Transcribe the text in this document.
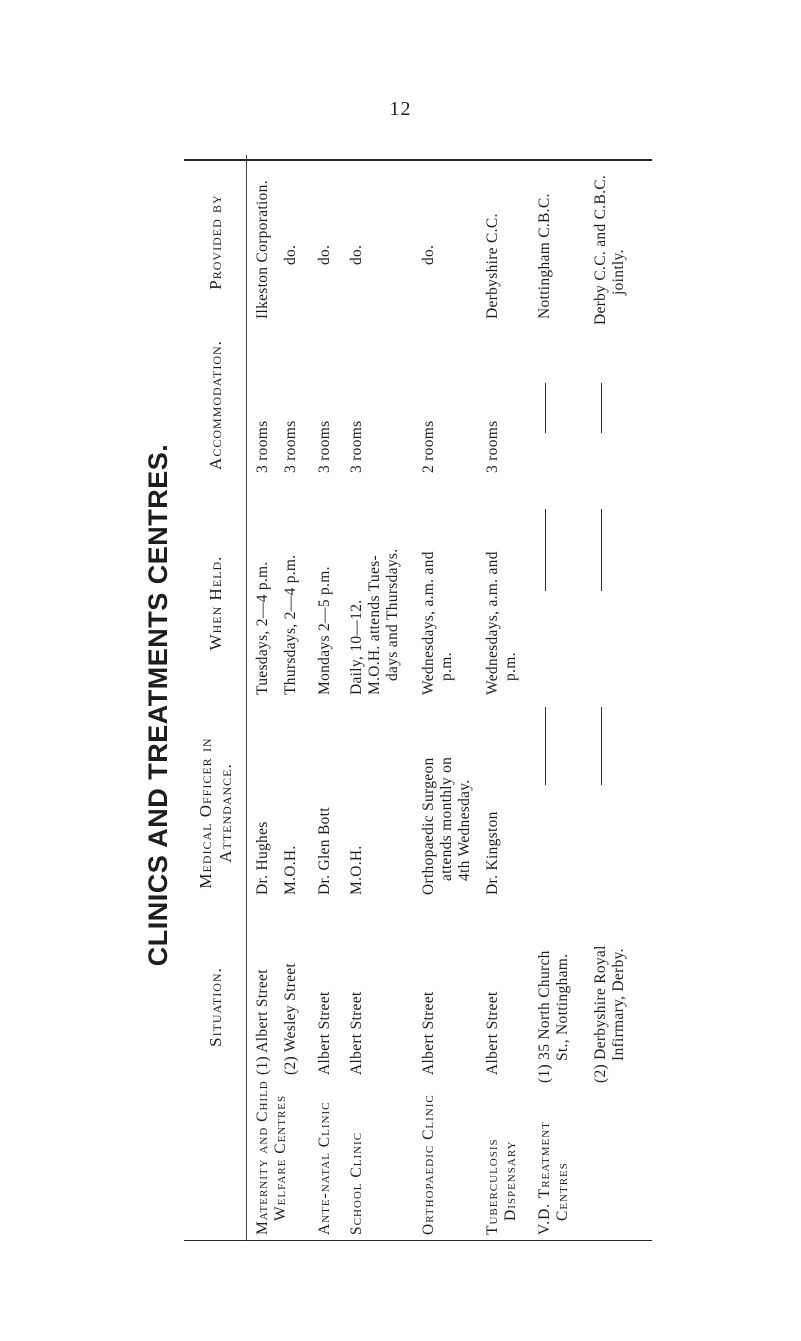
12
CLINICS AND TREATMENTS CENTRES.
Situation.
Medical Officer in Attendance.
When Held.
Accommodation.
Provided by
Maternity and Child Welfare Centres
(1) Albert Street
Dr. Hughes
Tuesdays, 2—4 p.m.
3 rooms
Ilkeston Corporation.
(2) Wesley Street
M.O.H.
Thursdays, 2—4 p.m.
3 rooms
do.
Ante-natal Clinic
Albert Street
Dr. Glen Bott
Mondays 2—5 p.m.
3 rooms
do.
School Clinic
Albert Street
M.O.H.
Daily, 10—12. M.O.H. attends Tues- days and Thursdays.
3 rooms
do.
Orthopaedic Clinic
Albert Street
Orthopaedic Surgeon attends monthly on 4th Wednesday.
Wednesdays, a.m. and p.m.
2 rooms
do.
Tuberculosis Dispensary
Albert Street
Dr. Kingston
Wednesdays, a.m. and p.m.
3 rooms
Derbyshire C.C.
V.D. Treatment Centres
(1) 35 North Church St., Nottingham.
Nottingham C.B.C.
(2) Derbyshire Royal Infirmary, Derby.
Derby C.C. and C.B.C. jointly.
